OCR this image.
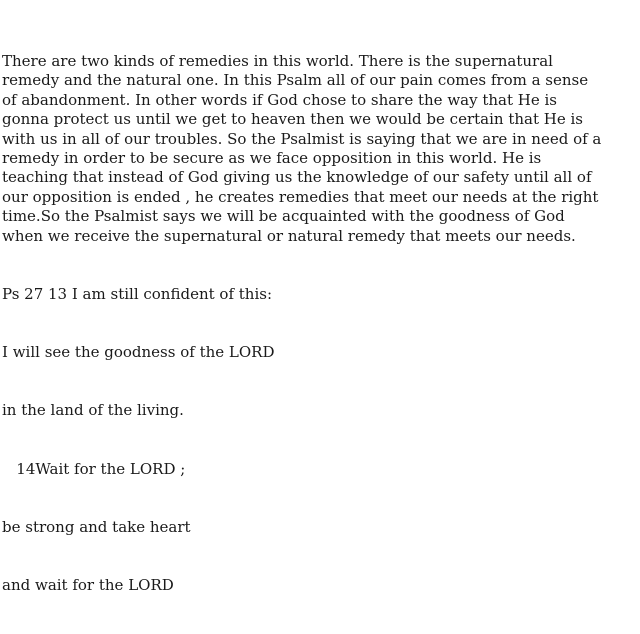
There are two kinds of remedies in this world. There is the supernatural
remedy and the natural one. In this Psalm all of our pain comes from a sense
of abandonment. In other words if God chose to share the way that He is
gonna protect us until we get to heaven then we would be certain that He is
with us in all of our troubles. So the Psalmist is saying that we are in need of a
remedy in order to be secure as we face opposition in this world. He is
teaching that instead of God giving us the knowledge of our safety until all of
our opposition is ended , he creates remedies that meet our needs at the right
time.So the Psalmist says we will be acquainted with the goodness of God
when we receive the supernatural or natural remedy that meets our needs.

Ps 27 13 I am still confident of this:

I will see the goodness of the LORD

in the land of the living.

14Wait for the LORD ;

be strong and take heart

and wait for the LORD
